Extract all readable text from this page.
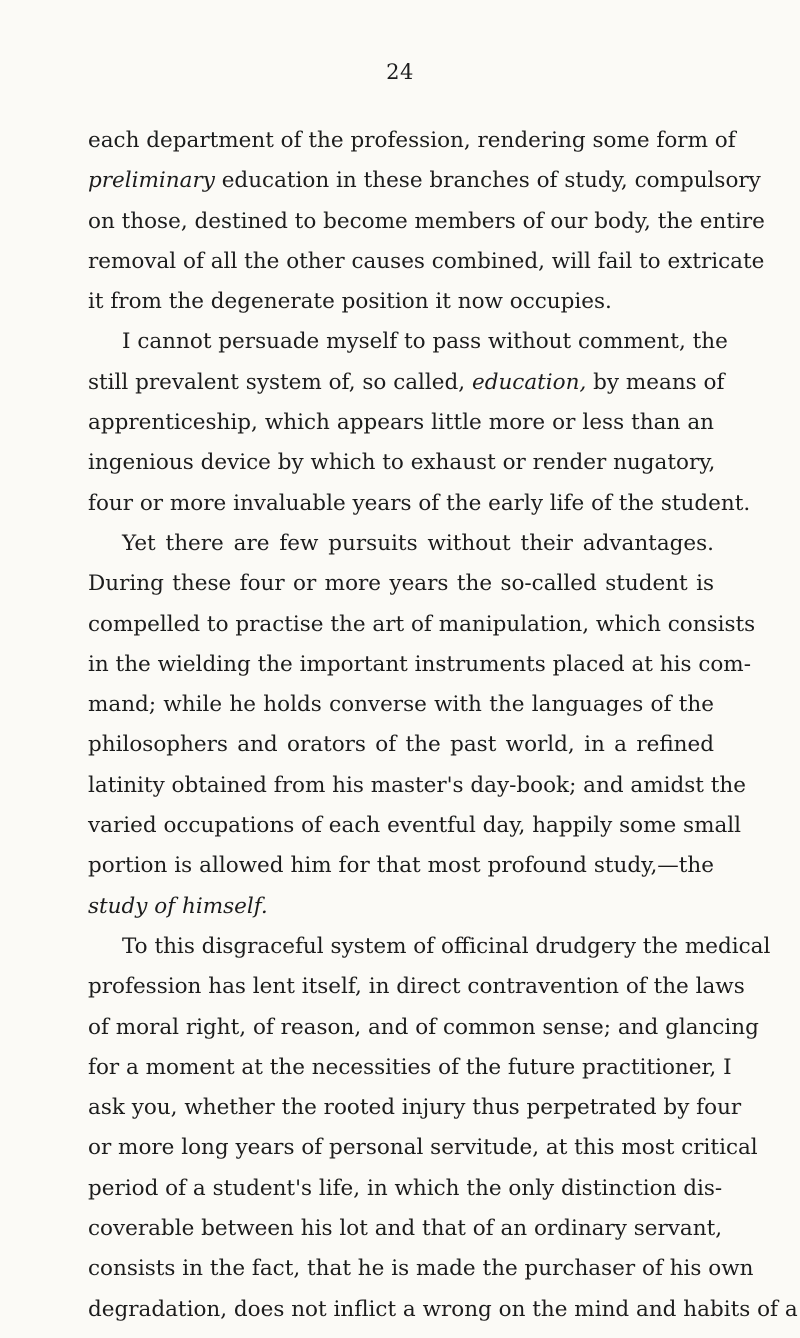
24
each department of the profession, rendering some form of
preliminary education in these branches of study, compulsory
on those, destined to become members of our body, the entire
removal of all the other causes combined, will fail to extricate
it from the degenerate position it now occupies.
I cannot persuade myself to pass without comment, the
still prevalent system of, so called, education, by means of
apprenticeship, which appears little more or less than an
ingenious device by which to exhaust or render nugatory,
four or more invaluable years of the early life of the student.
Yet there are few pursuits without their advantages.
During these four or more years the so-called student is
compelled to practise the art of manipulation, which consists
in the wielding the important instruments placed at his com-
mand; while he holds converse with the languages of the
philosophers and orators of the past world, in a refined
latinity obtained from his master's day-book; and amidst the
varied occupations of each eventful day, happily some small
portion is allowed him for that most profound study,—the
study of himself.
To this disgraceful system of officinal drudgery the medical
profession has lent itself, in direct contravention of the laws
of moral right, of reason, and of common sense; and glancing
for a moment at the necessities of the future practitioner, I
ask you, whether the rooted injury thus perpetrated by four
or more long years of personal servitude, at this most critical
period of a student's life, in which the only distinction dis-
coverable between his lot and that of an ordinary servant,
consists in the fact, that he is made the purchaser of his own
degradation, does not inflict a wrong on the mind and habits of a
